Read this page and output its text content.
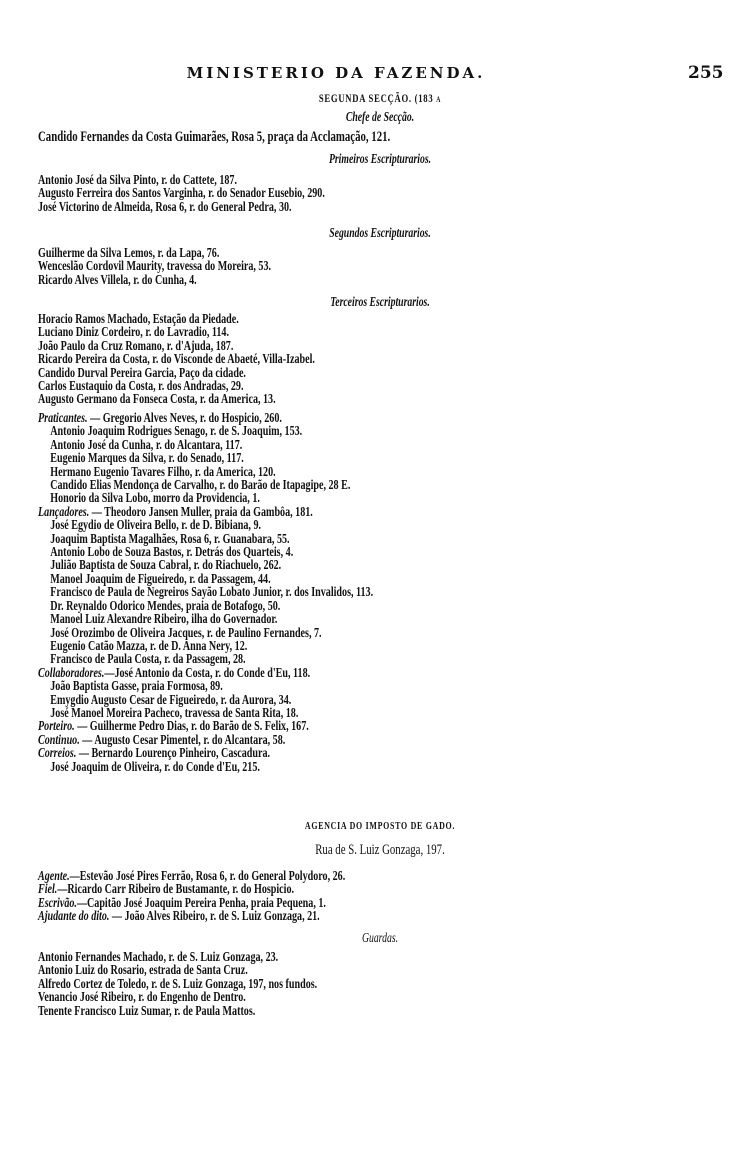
MINISTERIO DA FAZENDA.	255
SEGUNDA SECÇÃO. (183 a
Chefe de Secção.
Candido Fernandes da Costa Guimarães, Rosa 5, praça da Acclamação, 121.
Primeiros Escripturarios.
Antonio José da Silva Pinto, r. do Cattete, 187.
Augusto Ferreira dos Santos Varginha, r. do Senador Eusebio, 290.
José Victorino de Almeida, Rosa 6, r. do General Pedra, 30.
Segundos Escripturarios.
Guilherme da Silva Lemos, r. da Lapa, 76.
Wenceslão Cordovil Maurity, travessa do Moreira, 53.
Ricardo Alves Villela, r. do Cunha, 4.
Terceiros Escripturarios.
Horacio Ramos Machado, Estação da Piedade.
Luciano Diniz Cordeiro, r. do Lavradio, 114.
João Paulo da Cruz Romano, r. d'Ajuda, 187.
Ricardo Pereira da Costa, r. do Visconde de Abaeté, Villa-Izabel.
Candido Durval Pereira Garcia, Paço da cidade.
Carlos Eustaquio da Costa, r. dos Andradas, 29.
Augusto Germano da Fonseca Costa, r. da America, 13.
Praticantes. — Gregorio Alves Neves, r. do Hospicio, 260.
Antonio Joaquim Rodrigues Senago, r. de S. Joaquim, 153.
Antonio José da Cunha, r. do Alcantara, 117.
Eugenio Marques da Silva, r. do Senado, 117.
Hermano Eugenio Tavares Filho, r. da America, 120.
Candido Elias Mendonça de Carvalho, r. do Barão de Itapagipe, 28 E.
Honorio da Silva Lobo, morro da Providencia, 1.
Lançadores. — Theodoro Jansen Muller, praia da Gambôa, 181.
José Egydio de Oliveira Bello, r. de D. Bibiana, 9.
Joaquim Baptista Magalhães, Rosa 6, r. Guanabara, 55.
Antonio Lobo de Souza Bastos, r. Detrás dos Quarteis, 4.
Julião Baptista de Souza Cabral, r. do Riachuelo, 262.
Manoel Joaquim de Figueiredo, r. da Passagem, 44.
Francisco de Paula de Negreiros Sayão Lobato Junior, r. dos Invalidos, 113.
Dr. Reynaldo Odorico Mendes, praia de Botafogo, 50.
Manoel Luiz Alexandre Ribeiro, ilha do Governador.
José Orozimbo de Oliveira Jacques, r. de Paulino Fernandes, 7.
Eugenio Catão Mazza, r. de D. Anna Nery, 12.
Francisco de Paula Costa, r. da Passagem, 28.
Collaboradores.—José Antonio da Costa, r. do Conde d'Eu, 118.
João Baptista Gasse, praia Formosa, 89.
Emygdio Augusto Cesar de Figueiredo, r. da Aurora, 34.
José Manoel Moreira Pacheco, travessa de Santa Rita, 18.
Porteiro. — Guilherme Pedro Dias, r. do Barão de S. Felix, 167.
Continuo. — Augusto Cesar Pimentel, r. do Alcantara, 58.
Correios. — Bernardo Lourenço Pinheiro, Cascadura.
José Joaquim de Oliveira, r. do Conde d'Eu, 215.
AGENCIA DO IMPOSTO DE GADO.
Rua de S. Luiz Gonzaga, 197.
Agente.—Estevão José Pires Ferrão, Rosa 6, r. do General Polydoro, 26.
Fiel.—Ricardo Carr Ribeiro de Bustamante, r. do Hospicio.
Escrivão.—Capitão José Joaquim Pereira Penha, praia Pequena, 1.
Ajudante do dito. — João Alves Ribeiro, r. de S. Luiz Gonzaga, 21.
Guardas.
Antonio Fernandes Machado, r. de S. Luiz Gonzaga, 23.
Antonio Luiz do Rosario, estrada de Santa Cruz.
Alfredo Cortez de Toledo, r. de S. Luiz Gonzaga, 197, nos fundos.
Venancio José Ribeiro, r. do Engenho de Dentro.
Tenente Francisco Luiz Sumar, r. de Paula Mattos.
